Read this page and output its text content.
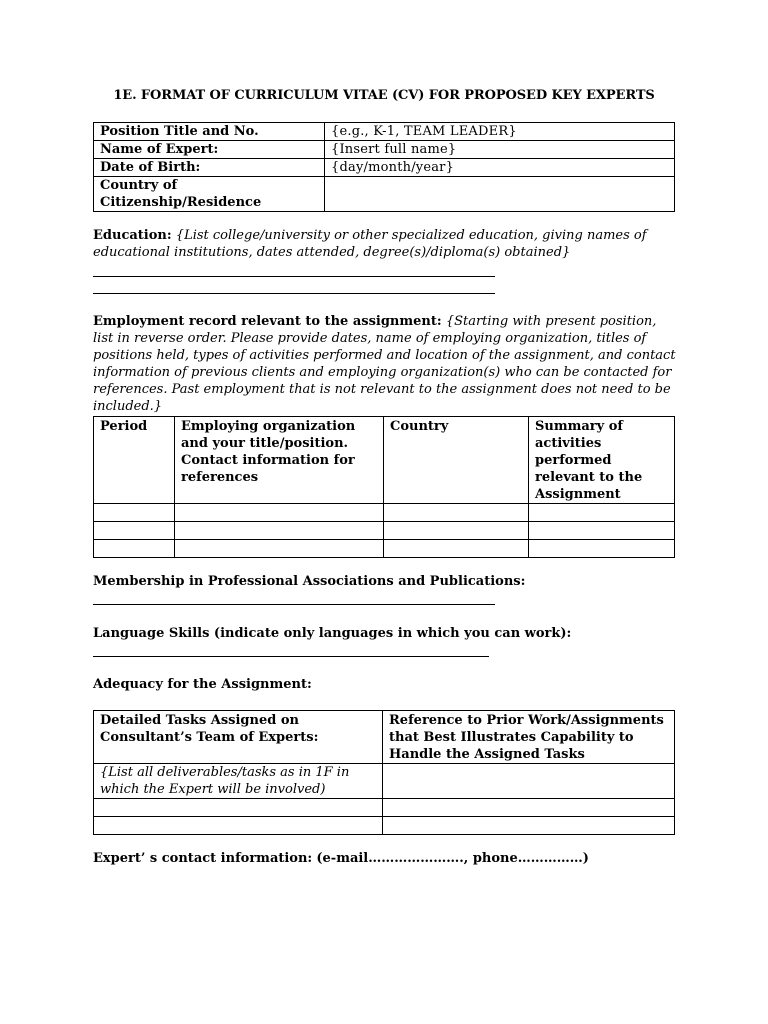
1E. FORMAT OF CURRICULUM VITAE (CV) FOR PROPOSED KEY EXPERTS
Position Title and No.	{e.g., K-1, TEAM LEADER}
Name of Expert:	{Insert full name}
Date of Birth:	{day/month/year}

Country of
Citizenship/Residence	

Education: {List college/university or other specialized education, giving names of educational institutions, dates attended, degree(s)/diploma(s) obtained}
Employment record relevant to the assignment: {Starting with present position, list in reverse order. Please provide dates, name of employing organization, titles of positions held, types of activities performed and location of the assignment, and contact information of previous clients and employing organization(s) who can be contacted for references. Past employment that is not relevant to the assignment does not need to be included.}
Period	Employing organization and your title/position. Contact information for references	Country	Summary of activities performed relevant to the Assignment

Membership in Professional Associations and Publications:
Language Skills (indicate only languages in which you can work):
Adequacy for the Assignment:
Detailed Tasks Assigned on Consultant’s Team of Experts:	Reference to Prior Work/Assignments that Best Illustrates Capability to Handle the Assigned Tasks
{List all deliverables/tasks as in 1F in which the Expert will be involved)	

Expert’ s contact information: (e-mail…………………., phone……………)
